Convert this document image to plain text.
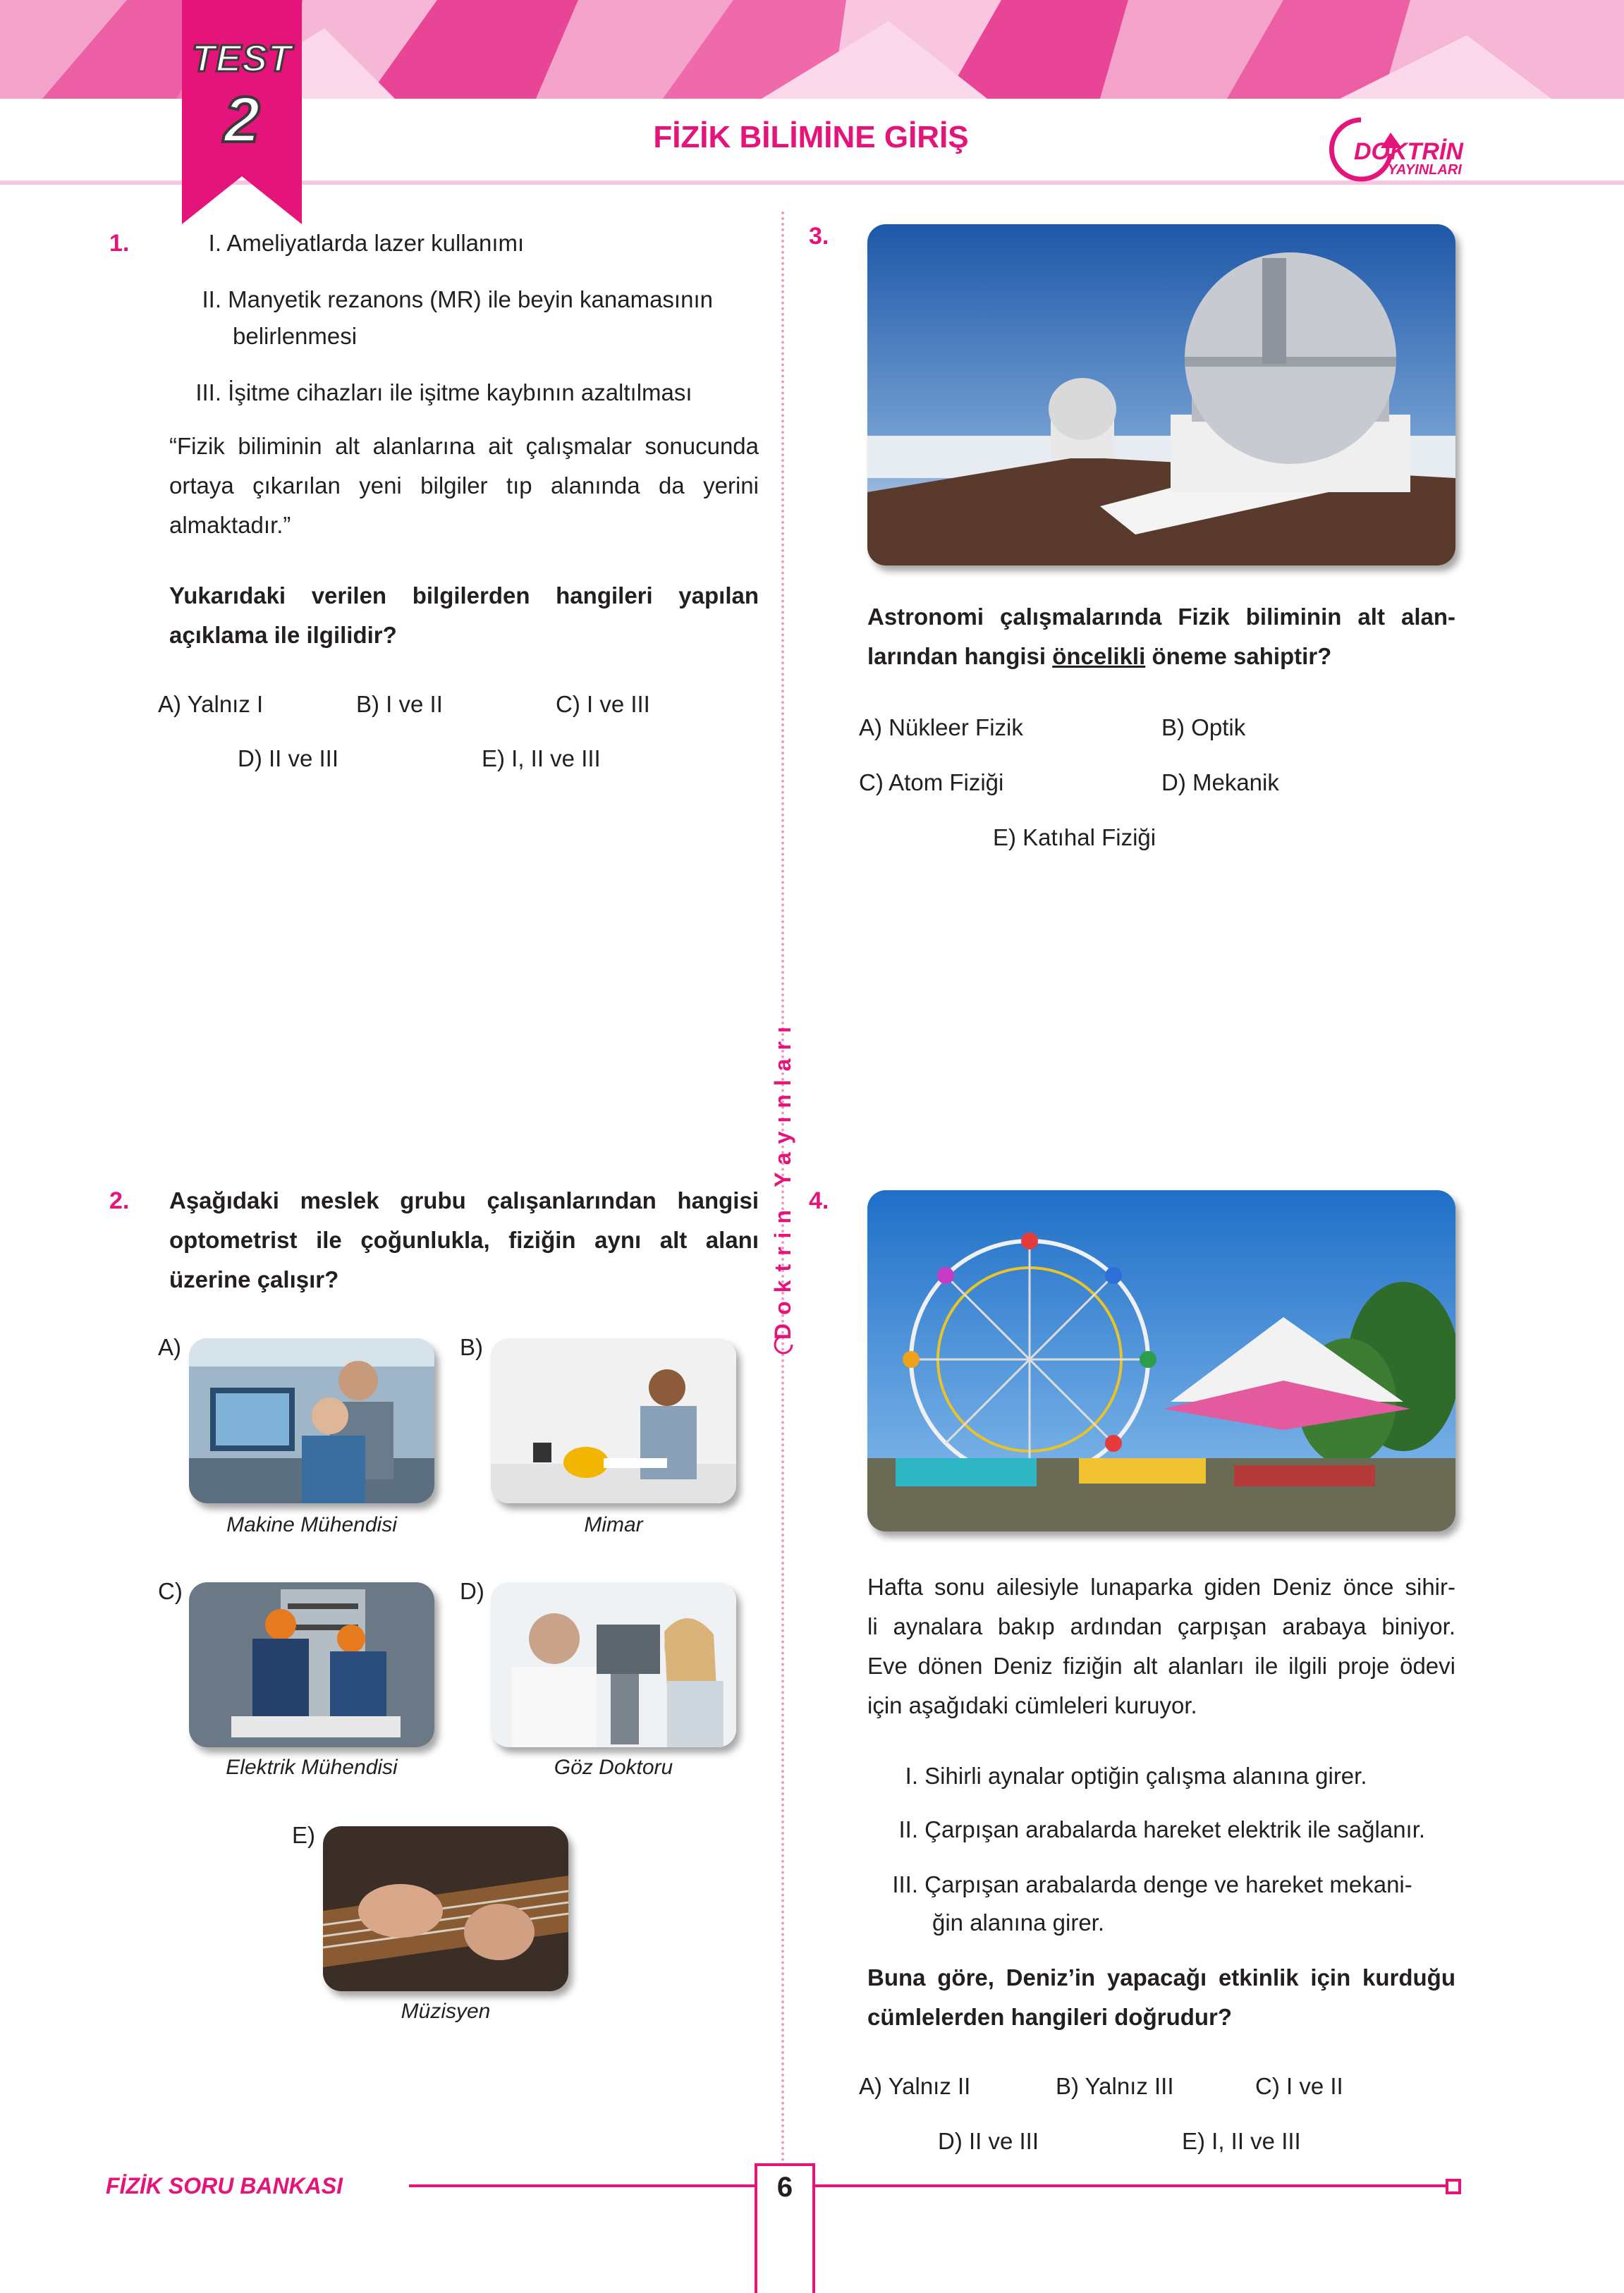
TEST
2	FİZİK BİLİMİNE GİRİŞ	DOKTRİN
YAYINLARI
Doktrin Yayınları
1.	I. Ameliyatlarda lazer kullanımı
II. Manyetik rezanons (MR) ile beyin kanamasının
belirlenmesi
III. İşitme cihazları ile işitme kaybının azaltılması
“Fizik biliminin alt alanlarına ait çalışmalar sonucunda
ortaya çıkarılan yeni bilgiler tıp alanında da yerini
almaktadır.”
Yukarıdaki verilen bilgilerden hangileri yapılan
açıklama ile ilgilidir?
A) Yalnız I	B) I ve II	C) I ve III
D) II ve III	E) I, II ve III
3.
Astronomi çalışmalarında Fizik biliminin alt alan-
larından hangisi öncelikli öneme sahiptir?
A) Nükleer Fizik	B) Optik
C) Atom Fiziği	D) Mekanik
E) Katıhal Fiziği
2. Aşağıdaki meslek grubu çalışanlarından hangisi
optometrist ile çoğunlukla, fiziğin aynı alt alanı
üzerine çalışır?
A)
Makine Mühendisi
B)
Mimar
C)
Elektrik Mühendisi
D)
Göz Doktoru
E)
Müzisyen
4.
Hafta sonu ailesiyle lunaparka giden Deniz önce sihir-
li aynalara bakıp ardından çarpışan arabaya biniyor.
Eve dönen Deniz fiziğin alt alanları ile ilgili proje ödevi
için aşağıdaki cümleleri kuruyor.
I. Sihirli aynalar optiğin çalışma alanına girer.
II. Çarpışan arabalarda hareket elektrik ile sağlanır.
III. Çarpışan arabalarda denge ve hareket mekani-
ğin alanına girer.
Buna göre, Deniz’in yapacağı etkinlik için kurduğu
cümlelerden hangileri doğrudur?
A) Yalnız II	B) Yalnız III	C) I ve II
D) II ve III	E) I, II ve III
FİZİK SORU BANKASI	6
